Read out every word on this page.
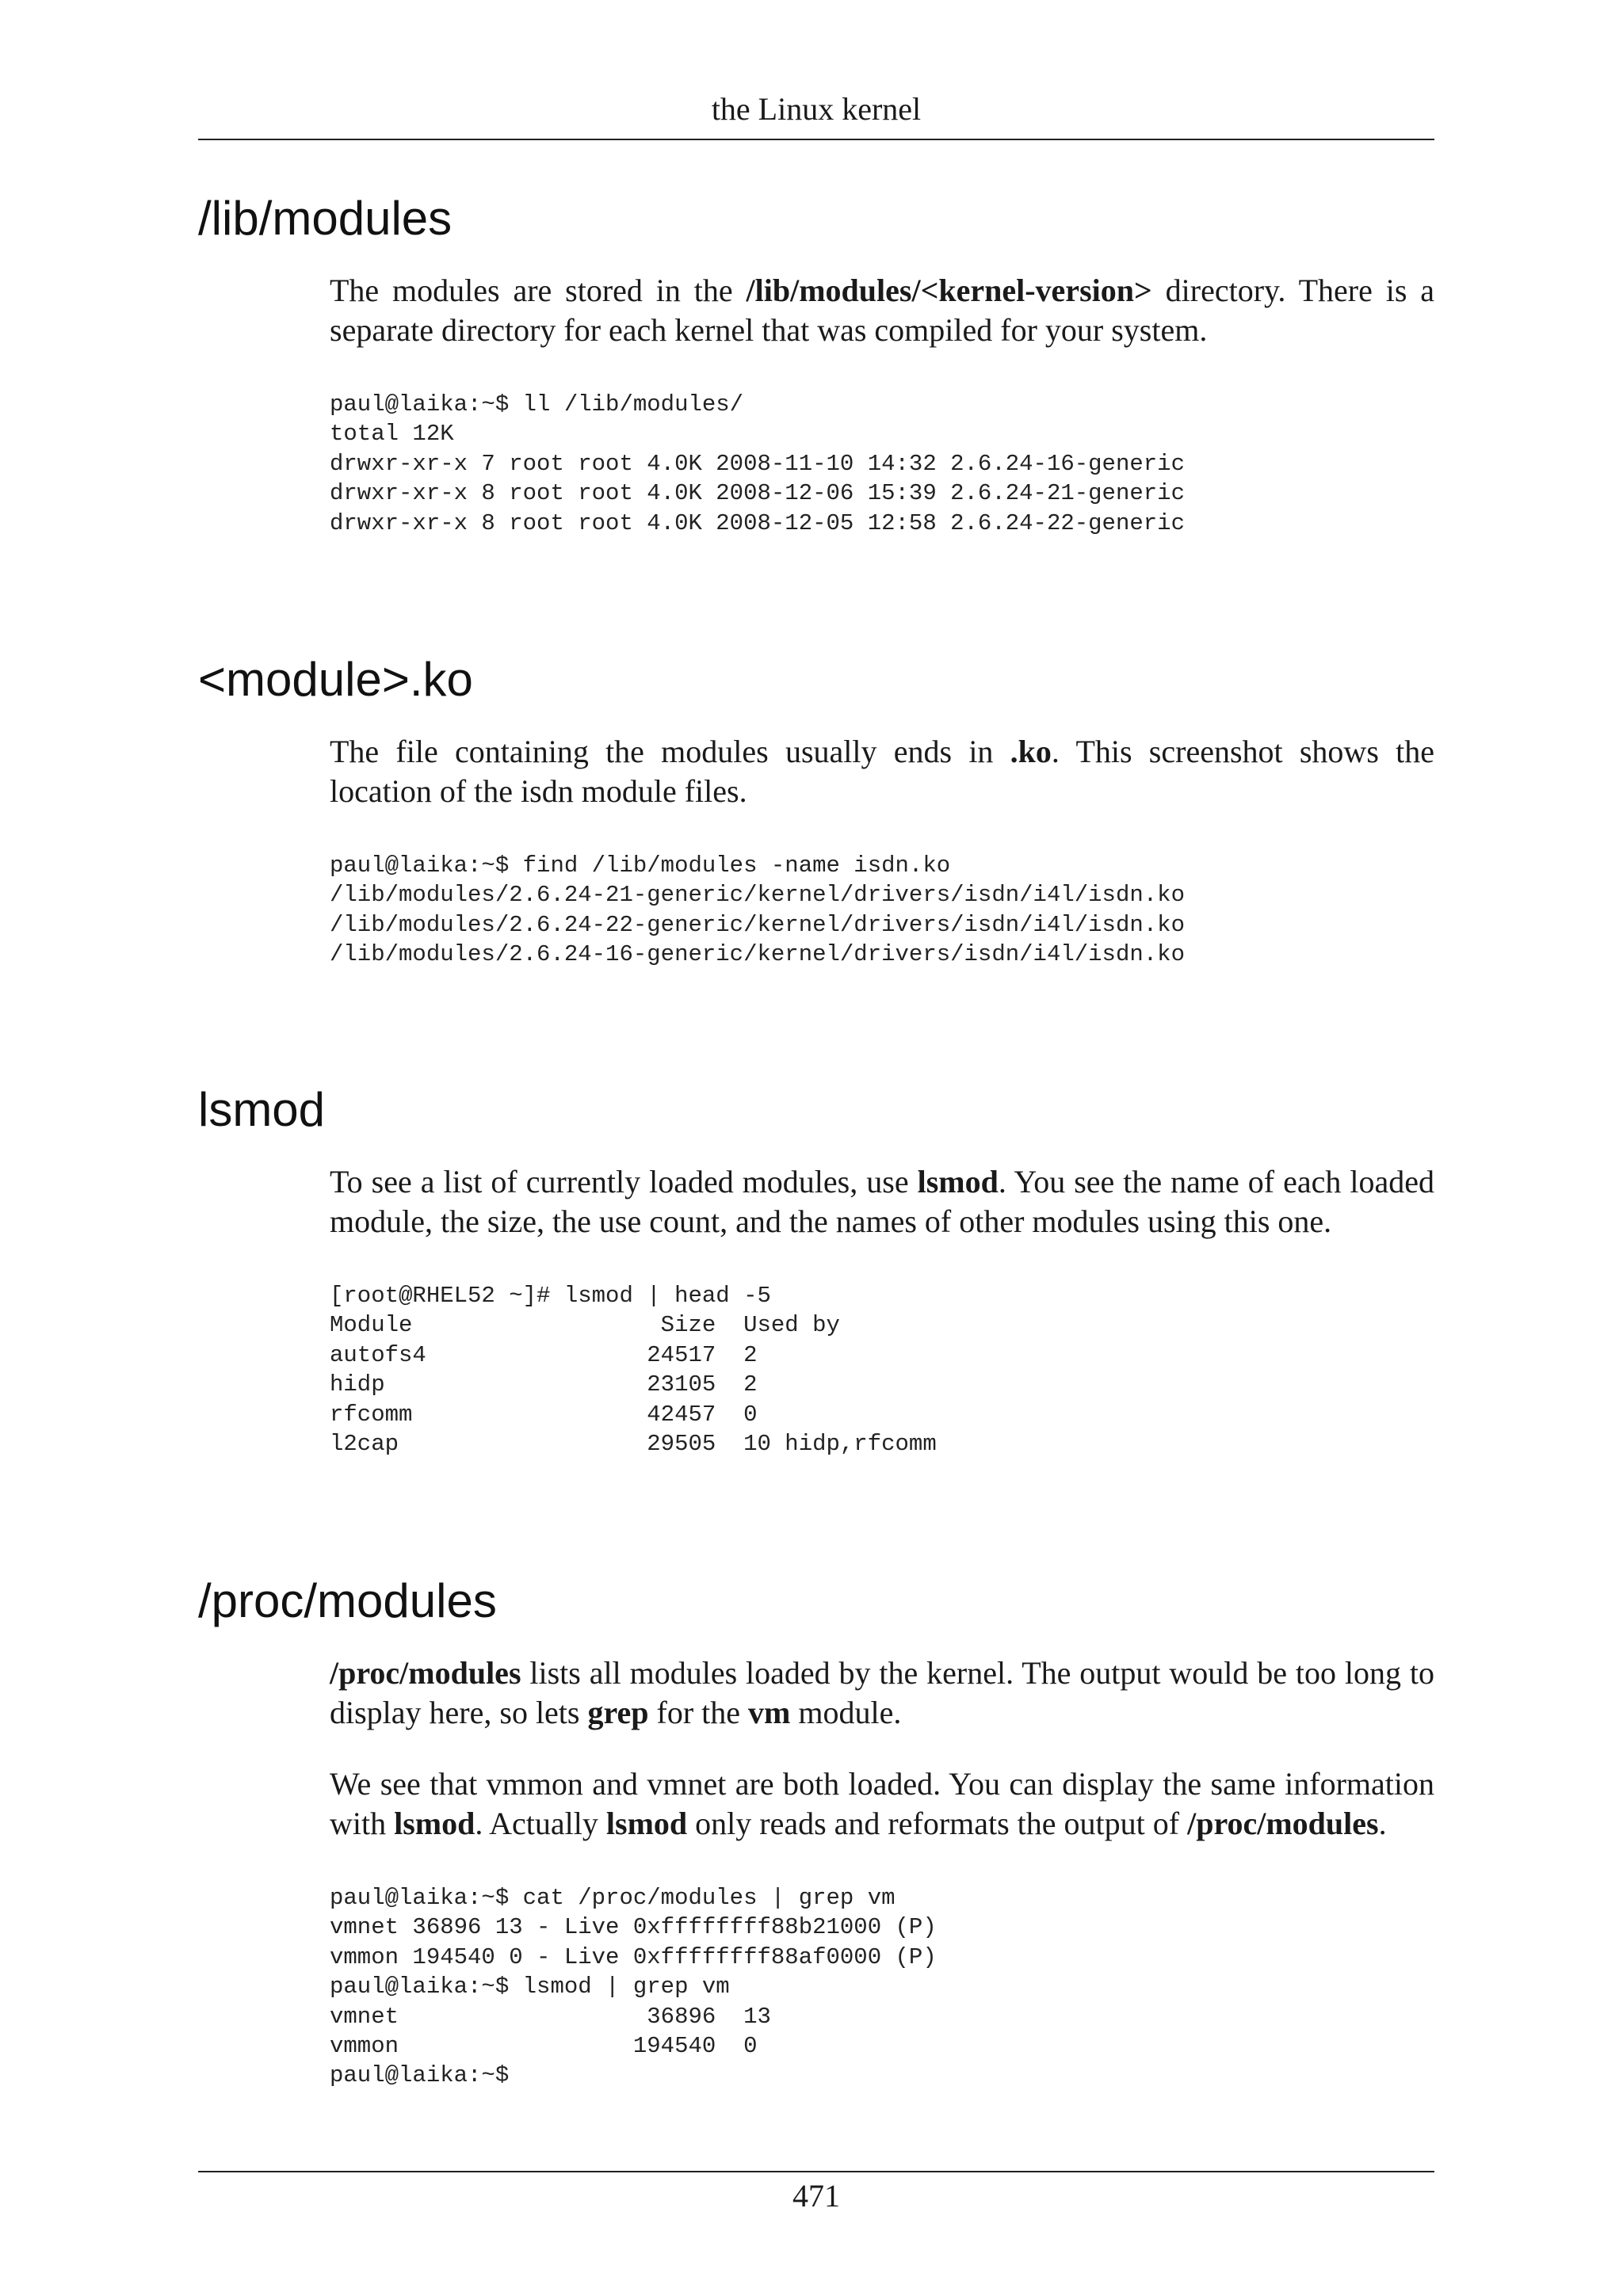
the Linux kernel
/lib/modules

The modules are stored in the /lib/modules/<kernel-version> directory. There is a separate directory for each kernel that was compiled for your system.

paul@laika:~$ ll /lib/modules/
total 12K
drwxr-xr-x 7 root root 4.0K 2008-11-10 14:32 2.6.24-16-generic
drwxr-xr-x 8 root root 4.0K 2008-12-06 15:39 2.6.24-21-generic
drwxr-xr-x 8 root root 4.0K 2008-12-05 12:58 2.6.24-22-generic
<module>.ko

The file containing the modules usually ends in .ko. This screenshot shows the location of the isdn module files.

paul@laika:~$ find /lib/modules -name isdn.ko
/lib/modules/2.6.24-21-generic/kernel/drivers/isdn/i4l/isdn.ko
/lib/modules/2.6.24-22-generic/kernel/drivers/isdn/i4l/isdn.ko
/lib/modules/2.6.24-16-generic/kernel/drivers/isdn/i4l/isdn.ko
lsmod

To see a list of currently loaded modules, use lsmod. You see the name of each loaded module, the size, the use count, and the names of other modules using this one.

[root@RHEL52 ~]# lsmod | head -5
Module                  Size  Used by
autofs4                24517  2
hidp                   23105  2
rfcomm                 42457  0
l2cap                  29505  10 hidp,rfcomm
/proc/modules

/proc/modules lists all modules loaded by the kernel. The output would be too long to display here, so lets grep for the vm module.

We see that vmmon and vmnet are both loaded. You can display the same information with lsmod. Actually lsmod only reads and reformats the output of /proc/modules.

paul@laika:~$ cat /proc/modules | grep vm
vmnet 36896 13 - Live 0xffffffff88b21000 (P)
vmmon 194540 0 - Live 0xffffffff88af0000 (P)
paul@laika:~$ lsmod | grep vm
vmnet                  36896  13
vmmon                 194540  0
paul@laika:~$
471
